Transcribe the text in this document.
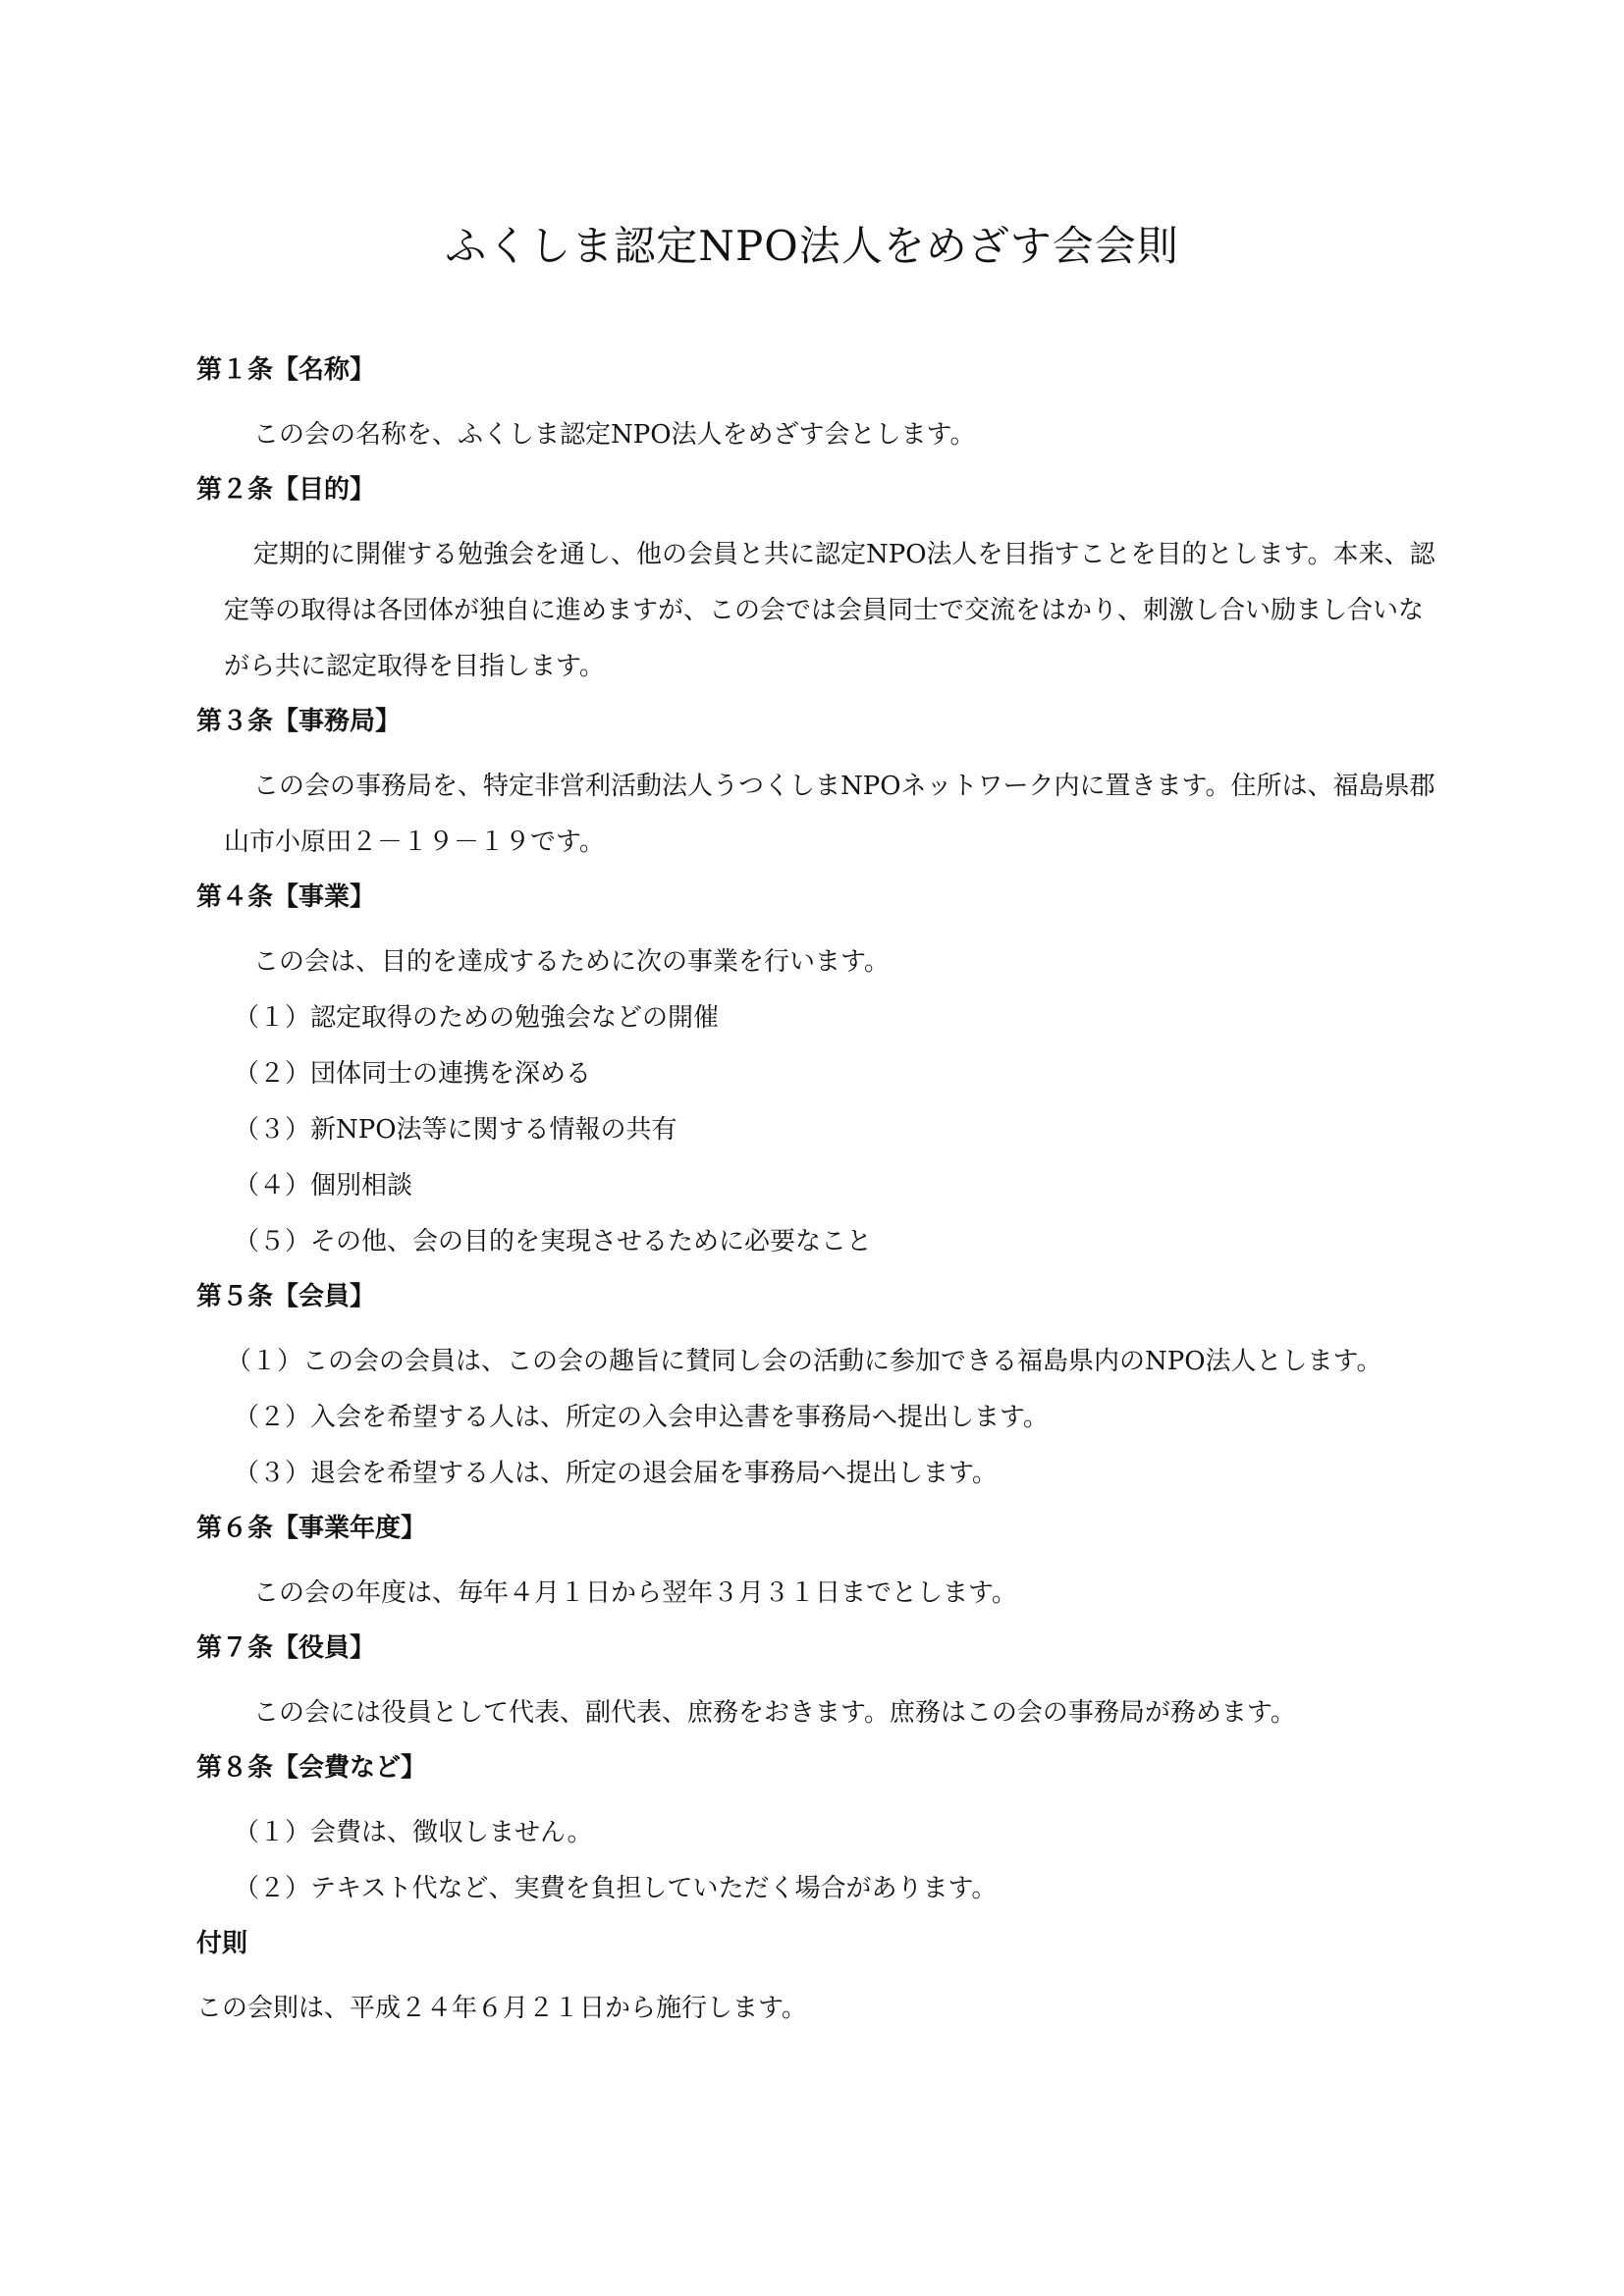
ふくしま認定NPO法人をめざす会会則

第１条【名称】

この会の名称を、ふくしま認定NPO法人をめざす会とします。

第２条【目的】

定期的に開催する勉強会を通し、他の会員と共に認定NPO法人を目指すことを目的とします。本来、認定等の取得は各団体が独自に進めますが、この会では会員同士で交流をはかり、刺激し合い励まし合いながら共に認定取得を目指します。

第３条【事務局】

この会の事務局を、特定非営利活動法人うつくしまNPOネットワーク内に置きます。住所は、福島県郡山市小原田２－１９－１９です。

第４条【事業】

この会は、目的を達成するために次の事業を行います。

（１）認定取得のための勉強会などの開催

（２）団体同士の連携を深める

（３）新NPO法等に関する情報の共有

（４）個別相談

（５）その他、会の目的を実現させるために必要なこと

第５条【会員】

（１）この会の会員は、この会の趣旨に賛同し会の活動に参加できる福島県内のNPO法人とします。

（２）入会を希望する人は、所定の入会申込書を事務局へ提出します。

（３）退会を希望する人は、所定の退会届を事務局へ提出します。

第６条【事業年度】

この会の年度は、毎年４月１日から翌年３月３１日までとします。

第７条【役員】

この会には役員として代表、副代表、庶務をおきます。庶務はこの会の事務局が務めます。

第８条【会費など】

（１）会費は、徴収しません。

（２）テキスト代など、実費を負担していただく場合があります。

付則

この会則は、平成２４年６月２１日から施行します。
